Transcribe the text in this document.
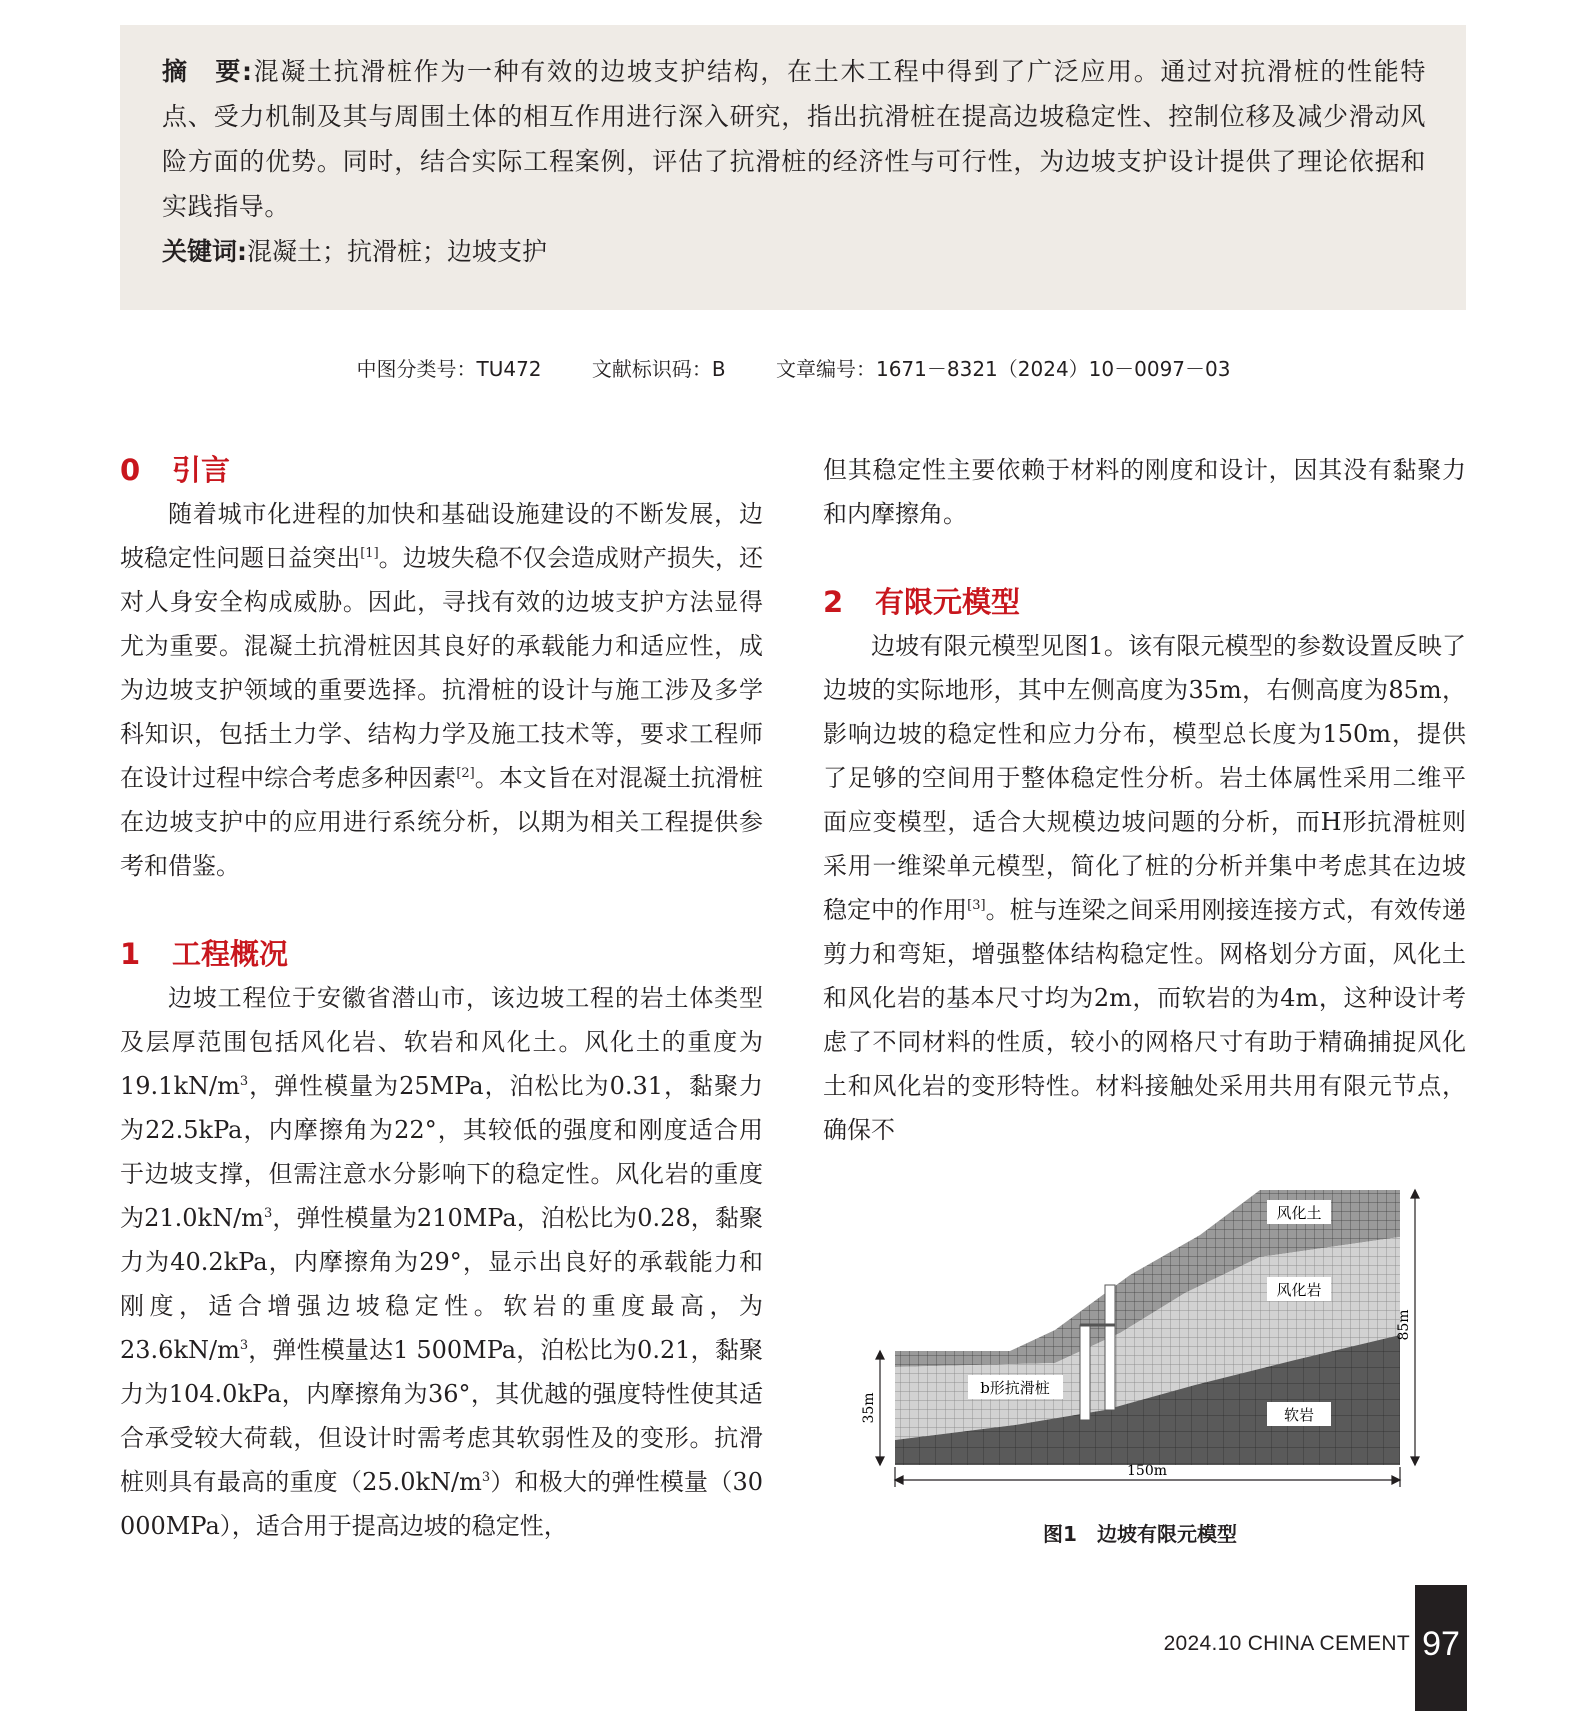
摘　要:混凝土抗滑桩作为一种有效的边坡支护结构，在土木工程中得到了广泛应用。通过对抗滑桩的性能特点、受力机制及其与周围土体的相互作用进行深入研究，指出抗滑桩在提高边坡稳定性、控制位移及减少滑动风险方面的优势。同时，结合实际工程案例，评估了抗滑桩的经济性与可行性，为边坡支护设计提供了理论依据和实践指导。

关键词:混凝土；抗滑桩；边坡支护

中图分类号：TU472	文献标识码：B	文章编号：1671－8321（2024）10－0097－03
0 引言

随着城市化进程的加快和基础设施建设的不断发展，边坡稳定性问题日益突出[1]。边坡失稳不仅会造成财产损失，还对人身安全构成威胁。因此，寻找有效的边坡支护方法显得尤为重要。混凝土抗滑桩因其良好的承载能力和适应性，成为边坡支护领域的重要选择。抗滑桩的设计与施工涉及多学科知识，包括土力学、结构力学及施工技术等，要求工程师在设计过程中综合考虑多种因素[2]。本文旨在对混凝土抗滑桩在边坡支护中的应用进行系统分析，以期为相关工程提供参考和借鉴。

1 工程概况

边坡工程位于安徽省潜山市，该边坡工程的岩土体类型及层厚范围包括风化岩、软岩和风化土。风化土的重度为$19.1kN/m^3$，弹性模量为25MPa，泊松比为0.31，黏聚力为22.5kPa，内摩擦角为22°，其较低的强度和刚度适合用于边坡支撑，但需注意水分影响下的稳定性。风化岩的重度为$21.0kN/m^3$，弹性模量为210MPa，泊松比为0.28，黏聚力为40.2kPa，内摩擦角为29°，显示出良好的承载能力和刚度，适合增强边坡稳定性。软岩的重度最高，为$23.6kN/m^3$，弹性模量达1 500MPa，泊松比为0.21，黏聚力为104.0kPa，内摩擦角为36°，其优越的强度特性使其适合承受较大荷载，但设计时需考虑其软弱性及的变形。抗滑桩则具有最高的重度$(25.0kN/m^3)$和极大的弹性模量（30 000MPa），适合用于提高边坡的稳定性，

但其稳定性主要依赖于材料的刚度和设计，因其没有黏聚力和内摩擦角。

2 有限元模型

边坡有限元模型见图1。该有限元模型的参数设置反映了边坡的实际地形，其中左侧高度为35m，右侧高度为85m，影响边坡的稳定性和应力分布，模型总长度为150m，提供了足够的空间用于整体稳定性分析。岩土体属性采用二维平面应变模型，适合大规模边坡问题的分析，而H形抗滑桩则采用一维梁单元模型，简化了桩的分析并集中考虑其在边坡稳定中的作用[3]。桩与连梁之间采用刚接连接方式，有效传递剪力和弯矩，增强整体结构稳定性。网格划分方面，风化土和风化岩的基本尺寸均为2m，而软岩的为4m，这种设计考虑了不同材料的性质，较小的网格尺寸有助于精确捕捉风化土和风化岩的变形特性。材料接触处采用共用有限元节点，确保不

风化土
风化岩
b形抗滑桩
软岩
35m
85m
150m
图1　边坡有限元模型
2024.10 CHINA CEMENT 97
